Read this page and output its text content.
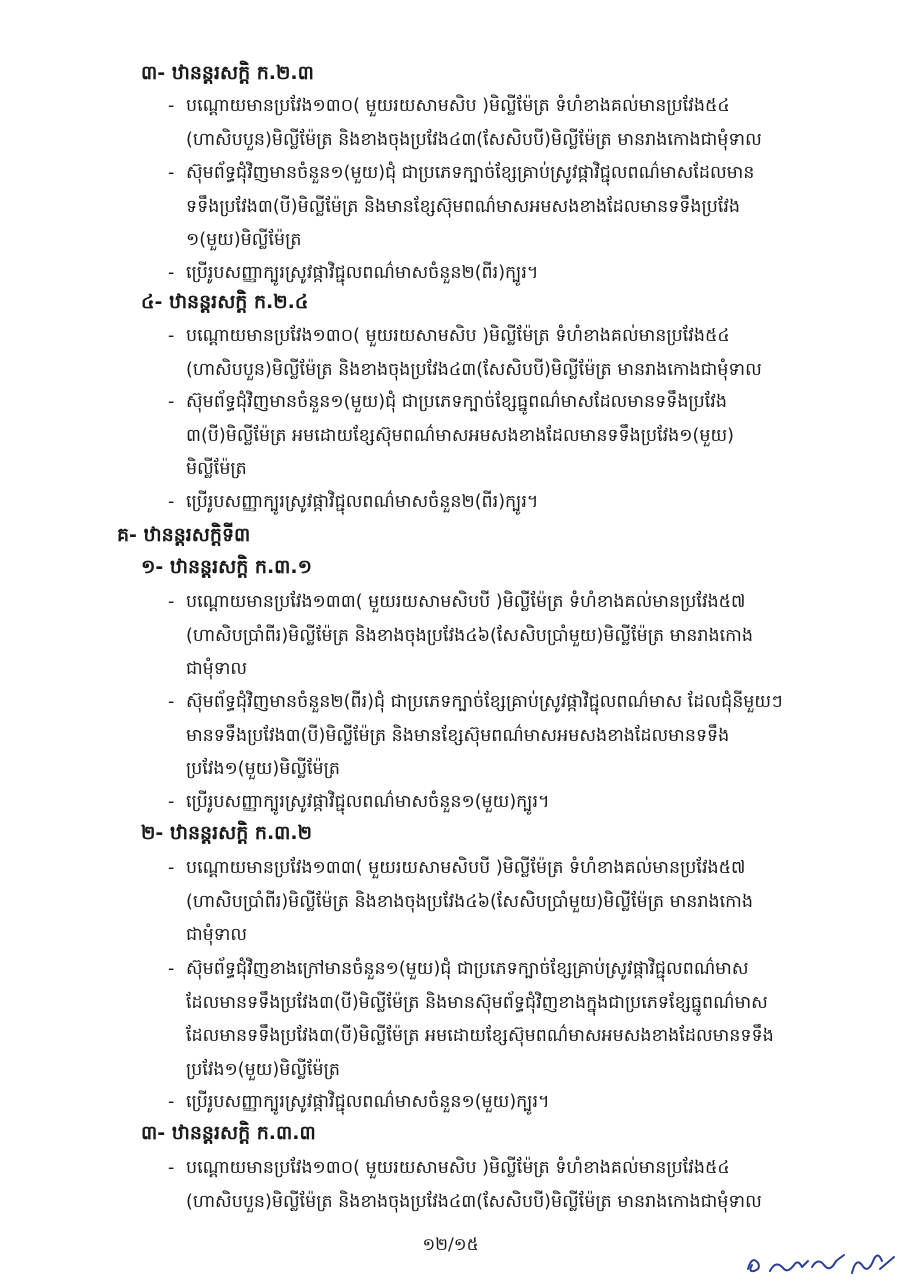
៣- ឋានន្តរសក្តិ ក.២.៣
- បណ្តោយមានប្រវែង១៣០( មួយរយសាមសិប )មិល្លីម៉ែត្រ ទំហំខាងគល់មានប្រវែង៥៤
(ហាសិបបួន)មិល្លីម៉ែត្រ និងខាងចុងប្រវែង៤៣(សែសិបបី)មិល្លីម៉ែត្រ មានរាងកោងជាមុំទាល
- ស៊ុមព័ទ្ធជុំវិញមានចំនួន១(មួយ)ជុំ ជាប្រភេទក្បាច់ខ្សែគ្រាប់ស្រូវផ្កាវិជ្ជុលពណ៌មាសដែលមាន
ទទឹងប្រវែង៣(បី)មិល្លីម៉ែត្រ និងមានខ្សែស៊ុមពណ៌មាសអមសងខាងដែលមានទទឹងប្រវែង
១(មួយ)មិល្លីម៉ែត្រ
- ប្រើរូបសញ្ញាក្បូរស្រូវផ្កាវិជ្ជុលពណ៌មាសចំនួន២(ពីរ)ក្បូរ។
៤- ឋានន្តរសក្តិ ក.២.៤
- បណ្តោយមានប្រវែង១៣០( មួយរយសាមសិប )មិល្លីម៉ែត្រ ទំហំខាងគល់មានប្រវែង៥៤
(ហាសិបបួន)មិល្លីម៉ែត្រ និងខាងចុងប្រវែង៤៣(សែសិបបី)មិល្លីម៉ែត្រ មានរាងកោងជាមុំទាល
- ស៊ុមព័ទ្ធជុំវិញមានចំនួន១(មួយ)ជុំ ជាប្រភេទក្បាច់ខ្សែធ្នូពណ៌មាសដែលមានទទឹងប្រវែង
៣(បី)មិល្លីម៉ែត្រ អមដោយខ្សែស៊ុមពណ៌មាសអមសងខាងដែលមានទទឹងប្រវែង១(មួយ)
មិល្លីម៉ែត្រ
- ប្រើរូបសញ្ញាក្បូរស្រូវផ្កាវិជ្ជុលពណ៌មាសចំនួន២(ពីរ)ក្បូរ។
គ- ឋានន្តរសក្តិទី៣
១- ឋានន្តរសក្តិ ក.៣.១
- បណ្តោយមានប្រវែង១៣៣( មួយរយសាមសិបបី )មិល្លីម៉ែត្រ ទំហំខាងគល់មានប្រវែង៥៧
(ហាសិបប្រាំពីរ)មិល្លីម៉ែត្រ និងខាងចុងប្រវែង៤៦(សែសិបប្រាំមួយ)មិល្លីម៉ែត្រ មានរាងកោង
ជាមុំទាល
- ស៊ុមព័ទ្ធជុំវិញមានចំនួន២(ពីរ)ជុំ ជាប្រភេទក្បាច់ខ្សែគ្រាប់ស្រូវផ្កាវិជ្ជុលពណ៌មាស ដែលជុំនីមួយៗ
មានទទឹងប្រវែង៣(បី)មិល្លីម៉ែត្រ និងមានខ្សែស៊ុមពណ៌មាសអមសងខាងដែលមានទទឹង
ប្រវែង១(មួយ)មិល្លីម៉ែត្រ
- ប្រើរូបសញ្ញាក្បូរស្រូវផ្កាវិជ្ជុលពណ៌មាសចំនួន១(មួយ)ក្បូរ។
២- ឋានន្តរសក្តិ ក.៣.២
- បណ្តោយមានប្រវែង១៣៣( មួយរយសាមសិបបី )មិល្លីម៉ែត្រ ទំហំខាងគល់មានប្រវែង៥៧
(ហាសិបប្រាំពីរ)មិល្លីម៉ែត្រ និងខាងចុងប្រវែង៤៦(សែសិបប្រាំមួយ)មិល្លីម៉ែត្រ មានរាងកោង
ជាមុំទាល
- ស៊ុមព័ទ្ធជុំវិញខាងក្រៅមានចំនួន១(មួយ)ជុំ ជាប្រភេទក្បាច់ខ្សែគ្រាប់ស្រូវផ្កាវិជ្ជុលពណ៌មាស
ដែលមានទទឹងប្រវែង៣(បី)មិល្លីម៉ែត្រ និងមានស៊ុមព័ទ្ធជុំវិញខាងក្នុងជាប្រភេទខ្សែធ្នូពណ៌មាស
ដែលមានទទឹងប្រវែង៣(បី)មិល្លីម៉ែត្រ អមដោយខ្សែស៊ុមពណ៌មាសអមសងខាងដែលមានទទឹង
ប្រវែង១(មួយ)មិល្លីម៉ែត្រ
- ប្រើរូបសញ្ញាក្បូរស្រូវផ្កាវិជ្ជុលពណ៌មាសចំនួន១(មួយ)ក្បូរ។
៣- ឋានន្តរសក្តិ ក.៣.៣
- បណ្តោយមានប្រវែង១៣០( មួយរយសាមសិប )មិល្លីម៉ែត្រ ទំហំខាងគល់មានប្រវែង៥៤
(ហាសិបបួន)មិល្លីម៉ែត្រ និងខាងចុងប្រវែង៤៣(សែសិបបី)មិល្លីម៉ែត្រ មានរាងកោងជាមុំទាល
១២/១៥
